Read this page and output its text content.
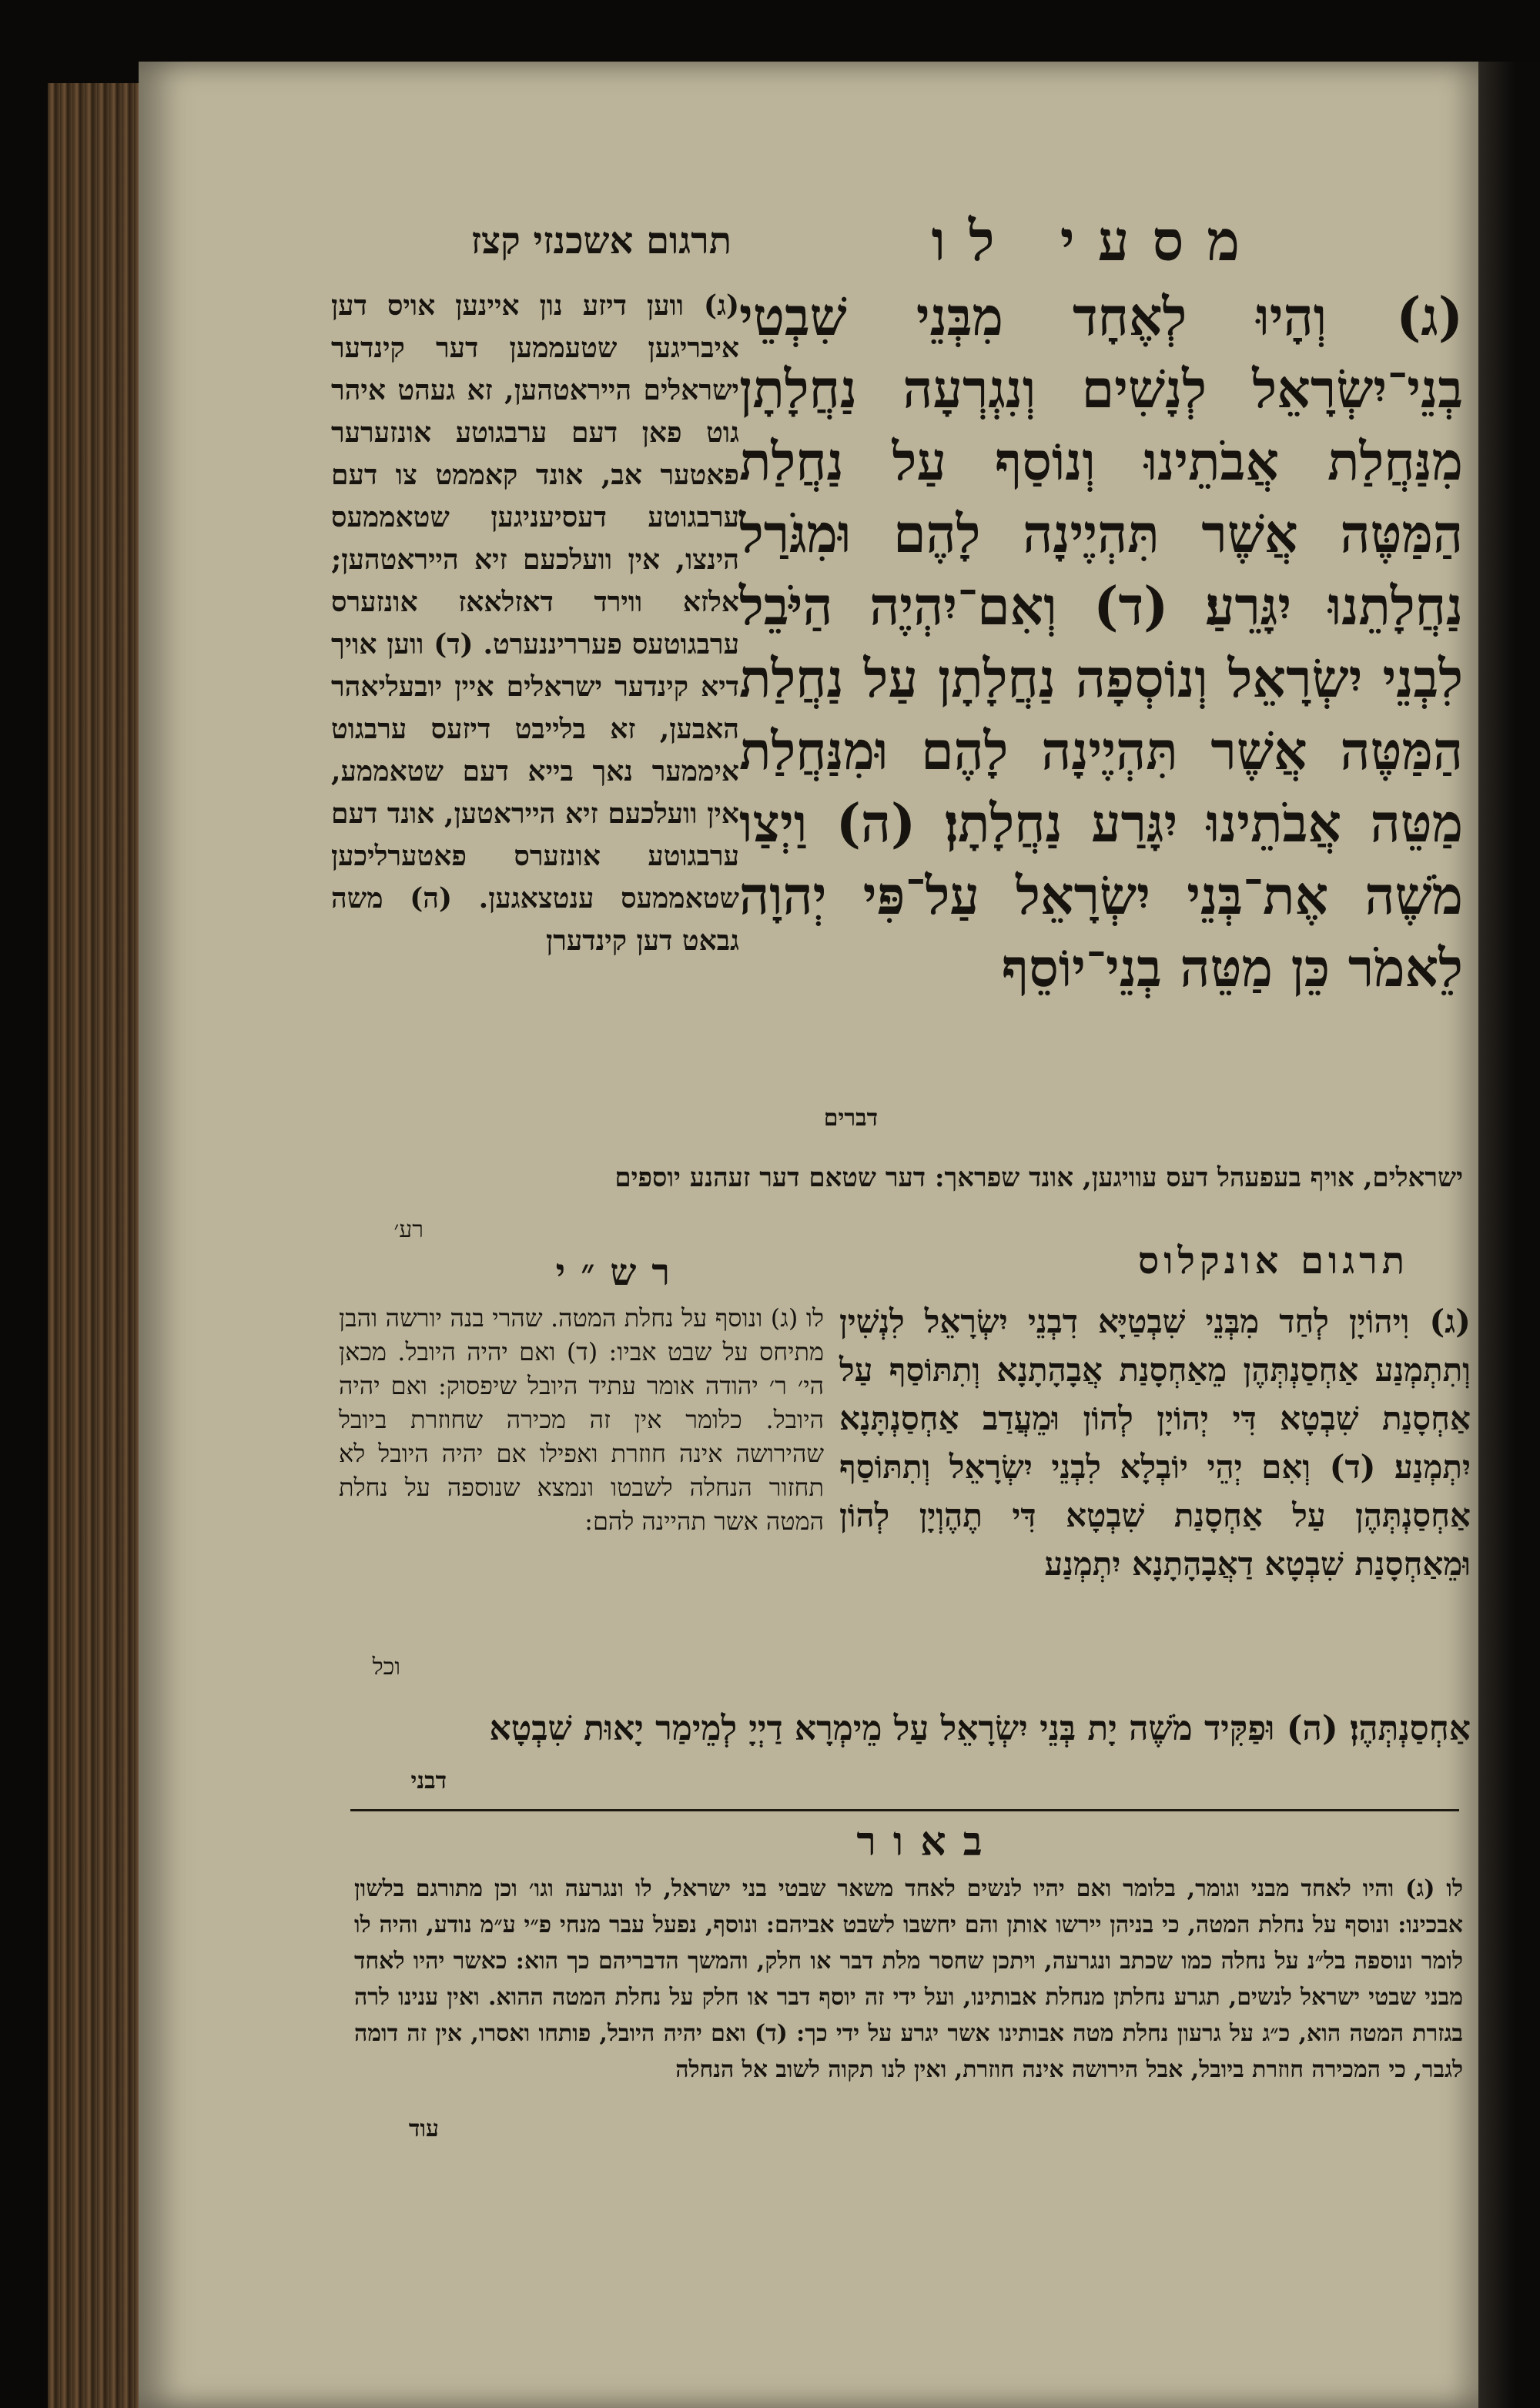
מסעי לו
תרגום אשכנזי קצז
(ג) וְהָיוּ לְאֶחָד מִבְּנֵי שִׁבְטֵי בְנֵי־יִשְׂרָאֵל לְנָשִׁים וְנִגְרְעָה נַחֲלָתָן מִנַּחֲלַת אֲבֹתֵינוּ וְנוֹסַף עַל נַחֲלַת הַמַּטֶּה אֲשֶׁר תִּהְיֶינָה לָהֶם וּמִגֹּרַל נַחֲלָתֵנוּ יִגָּרֵעַ׃ (ד) וְאִם־יִהְיֶה הַיֹּבֵל לִבְנֵי יִשְׂרָאֵל וְנוֹסְפָה נַחֲלָתָן עַל נַחֲלַת הַמַּטֶּה אֲשֶׁר תִּהְיֶינָה לָהֶם וּמִנַּחֲלַת מַטֵּה אֲבֹתֵינוּ יִגָּרַע נַחֲלָתָן׃ (ה) וַיְצַו מֹשֶׁה אֶת־בְּנֵי יִשְׂרָאֵל עַל־פִּי יְהוָה לֵאמֹר כֵּן מַטֵּה בְנֵי־יוֹסֵף
דברים
(ג) ווען דיזע נון איינען אויס דען איבריגען שטעממען דער קינדער ישראלים הייראטהען, זא געהט איהר גוט פאן דעם ערבגוטע אונזערער פאטער אב, אונד קאממט צו דעם ערבגוטע דעסיעניגען שטאממעס הינצו, אין וועלכעם זיא הייראטהען; אלזא ווירד דאזלאאז אונזערס ערבגוטעס פערריננערט. (ד) ווען אויך דיא קינדער ישראלים איין יובעליאהר האבען, זא בלייבט דיזעס ערבגוט איממער נאך בייא דעם שטאממע, אין וועלכעם זיא הייראטען, אונד דעם ערבגוטע אונזערס פאטערליכען שטאממעס ענטצאגען. (ה) משה גבאט דען קינדערן
ישראלים, אויף בעפעהל דעס עוויגען, אונד שפראך: דער שטאם דער זעהנע יוספים
רע׳
תרגום אונקלוס
רש״י
(ג) וִיהוֹיָן לְחַד מִבְּנֵי שִׁבְטַיָּא דִבְנֵי יִשְׂרָאֵל לִנְשִׁין וְתִתְמְנַע אַחְסַנְתְּהֶן מֵאַחְסָנַת אֲבָהָתָנָא וְתִתּוֹסַף עַל אַחְסָנַת שִׁבְטָא דִּי יְהוֹיָן לְהוֹן וּמֵעֲדַב אַחְסַנְתָּנָא יִתְמְנַע׃ (ד) וְאִם יְהֵי יוֹבְלָא לִבְנֵי יִשְׂרָאֵל וְתִתּוֹסַף אַחְסַנְתְּהֶן עַל אַחְסָנַת שִׁבְטָא דִּי תֶהֶוְיָן לְהוֹן וּמֵאַחְסָנַת שִׁבְטָא דַאֲבָהָתָנָא יִתְמְנַע
אַחְסַנְתְּהֶן׃ (ה) וּפַקִּיד מֹשֶׁה יָת בְּנֵי יִשְׂרָאֵל עַל מֵימְרָא דַיְיָ לְמֵימַר יָאוּת שִׁבְטָא
דבני
לו (ג) ונוסף על נחלת המטה. שהרי בנה יורשה והבן מתיחס על שבט אביו: (ד) ואם יהיה היובל. מכאן הי׳ ר׳ יהודה אומר עתיד היובל שיפסוק: ואם יהיה היובל. כלומר אין זה מכירה שחוזרת ביובל שהירושה אינה חוזרת ואפילו אם יהיה היובל לא תחזור הנחלה לשבטו ונמצא שנוספה על נחלת המטה אשר תהיינה להם:
וכל
באור
לו (ג) והיו לאחד מבני וגומר, בלומר ואם יהיו לנשים לאחד משאר שבטי בני ישראל, לו ונגרעה וגו׳ וכן מתורגם בלשון אבכינו: ונוסף על נחלת המטה, כי בניהן יירשו אותן והם יחשבו לשבט אביהם: ונוסף, נפעל עבר מנחי פ״י ע״מ נודע, והיה לו לומר ונוספה בל״נ על נחלה כמו שכתב ונגרעה, ויתכן שחסר מלת דבר או חלק, והמשך הדבריהם כך הוא: כאשר יהיו לאחד מבני שבטי ישראל לנשים, תגרע נחלתן מנחלת אבותינו, ועל ידי זה יוסף דבר או חלק על נחלת המטה ההוא. ואין ענינו לרה בגזרת המטה הוא, כ״ג על גרעון נחלת מטה אבותינו אשר יגרע על ידי כך: (ד) ואם יהיה היובל, פותחו ואסרו, אין זה דומה לגבר, כי המכירה חוזרת ביובל, אבל הירושה אינה חוזרת, ואין לנו תקוה לשוב אל הנחלה
עוד
